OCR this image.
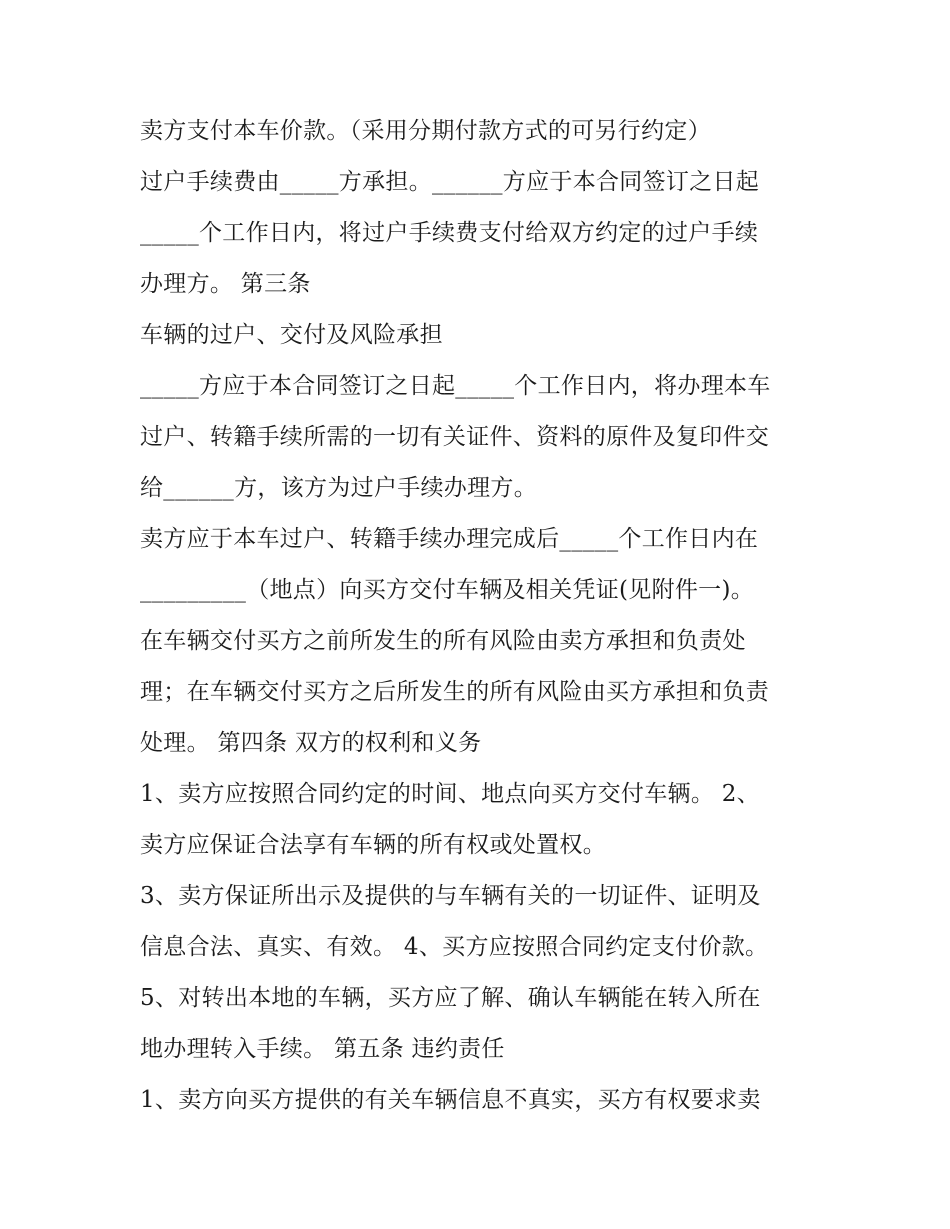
卖方支付本车价款。（采用分期付款方式的可另行约定）
过户手续费由_____方承担。______方应于本合同签订之日起
_____个工作日内，将过户手续费支付给双方约定的过户手续
办理方。 第三条
车辆的过户、交付及风险承担
_____方应于本合同签订之日起_____个工作日内，将办理本车
过户、转籍手续所需的一切有关证件、资料的原件及复印件交
给______方，该方为过户手续办理方。
卖方应于本车过户、转籍手续办理完成后_____个工作日内在
_________（地点）向买方交付车辆及相关凭证(见附件一)。
在车辆交付买方之前所发生的所有风险由卖方承担和负责处
理；在车辆交付买方之后所发生的所有风险由买方承担和负责
处理。 第四条 双方的权利和义务
1、卖方应按照合同约定的时间、地点向买方交付车辆。 2、
卖方应保证合法享有车辆的所有权或处置权。
3、卖方保证所出示及提供的与车辆有关的一切证件、证明及
信息合法、真实、有效。 4、买方应按照合同约定支付价款。
5、对转出本地的车辆，买方应了解、确认车辆能在转入所在
地办理转入手续。 第五条 违约责任
1、卖方向买方提供的有关车辆信息不真实，买方有权要求卖
